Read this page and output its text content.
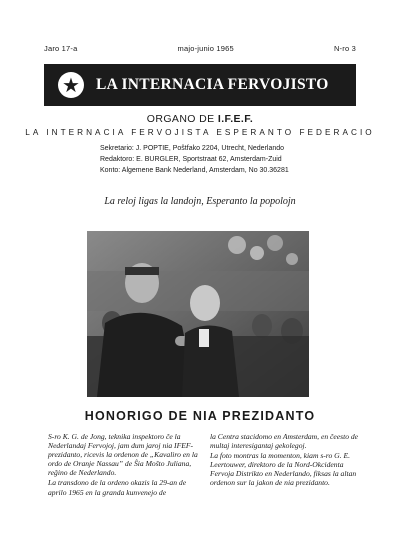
Jaro 17-a	majo-junio 1965	N-ro 3
★ LA INTERNACIA FERVOJISTO
ORGANO DE I.F.E.F.
LA INTERNACIA FERVOJISTA ESPERANTO FEDERACIO
Sekretario: J. POPTIE, Poŝtfako 2204, Utrecht, Nederlando
Redaktoro: E. BURGLER, Sportstraat 62, Amsterdam-Zuid
Konto: Algemene Bank Nederland, Amsterdam, No 30.36281
La reloj ligas la landojn, Esperanto la popolojn
HONORIGO DE NIA PREZIDANTO

S-ro K. G. de Jong, teknika inspektoro ĉe la Nederlandaj Fervojoj, jam dum jaroj nia IFEF-prezidanto, ricevis la ordenon de „Kavaliro en la ordo de Oranje Nassau” de Ŝia Moŝto Juliana, reĝino de Nederlando.

La transdono de la ordeno okazis la 29-an de aprilo 1965 en la granda kunvenejo de

la Centra stacidomo en Amsterdam, en ĉeesto de multaj interesigantaj gekolegoj.

La foto montras la momenton, kiam s-ro G. E. Leertouwer, direktoro de la Nord-Okcidenta Fervoja Distrikto en Nederlando, fiksas la altan ordenon sur la jakon de nia prezidanto.
